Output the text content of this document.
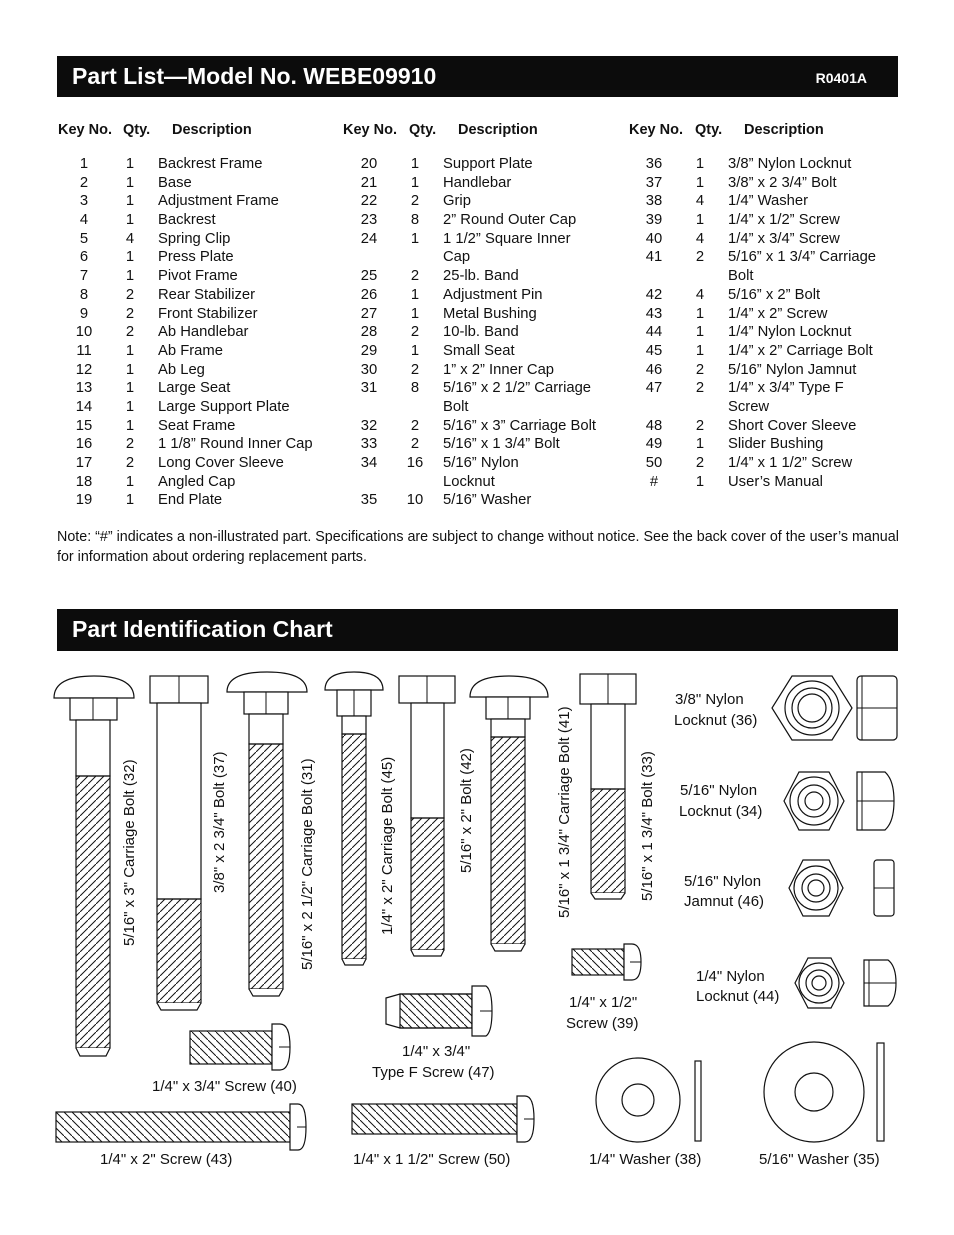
Part List—Model No. WEBE09910	R0401A
Key No. Qty. Description	Key No. Qty. Description	Key No. Qty. Description
1	1	Backrest Frame
2	1	Base
3	1	Adjustment Frame
4	1	Backrest
5	4	Spring Clip
6	1	Press Plate
7	1	Pivot Frame
8	2	Rear Stabilizer
9	2	Front Stabilizer
10	2	Ab Handlebar
11	1	Ab Frame
12	1	Ab Leg
13	1	Large Seat
14	1	Large Support Plate
15	1	Seat Frame
16	2	1 1/8” Round Inner Cap
17	2	Long Cover Sleeve
18	1	Angled Cap
19	1	End Plate
20	1	Support Plate
21	1	Handlebar
22	2	Grip
23	8	2” Round Outer Cap
24	1	1 1/2” Square Inner
Cap
25	2	25-lb. Band
26	1	Adjustment Pin
27	1	Metal Bushing
28	2	10-lb. Band
29	1	Small Seat
30	2	1” x 2” Inner Cap
31	8	5/16” x 2 1/2” Carriage
Bolt
32	2	5/16” x 3” Carriage Bolt
33	2	5/16” x 1 3/4” Bolt
34	16	5/16” Nylon
Locknut
35	10	5/16” Washer
36	1	3/8” Nylon Locknut
37	1	3/8” x 2 3/4” Bolt
38	4	1/4” Washer
39	1	1/4” x 1/2” Screw
40	4	1/4” x 3/4” Screw
41	2	5/16” x 1 3/4” Carriage
Bolt
42	4	5/16” x 2” Bolt
43	1	1/4” x 2” Screw
44	1	1/4” Nylon Locknut
45	1	1/4” x 2” Carriage Bolt
46	2	5/16” Nylon Jamnut
47	2	1/4” x 3/4” Type F
Screw
48	2	Short Cover Sleeve
49	1	Slider Bushing
50	2	1/4” x 1 1/2” Screw
#	1	User’s Manual
Note: “#” indicates a non-illustrated part. Specifications are subject to change without notice. See the back cover of the user’s manual for information about ordering replacement parts.
Part Identification Chart
5/16" x 3" Carriage Bolt (32)	3/8" x 2 3/4" Bolt (37)	5/16" x 2 1/2" Carriage Bolt (31)	1/4" x 2" Carriage Bolt (45)	5/16" x 2" Bolt (42)	5/16" x 1 3/4" Carriage Bolt (41)	5/16" x 1 3/4" Bolt (33)
3/8" Nylon
Locknut (36)
5/16" Nylon
Locknut (34)
5/16" Nylon
Jamnut (46)
1/4" Nylon
Locknut (44)
1/4" x 1/2"
Screw (39)
1/4" x 3/4"
Type F Screw (47)
1/4" x 3/4" Screw (40)
1/4" x 2" Screw (43)	1/4" x 1 1/2" Screw (50)	1/4" Washer (38)	5/16" Washer (35)
